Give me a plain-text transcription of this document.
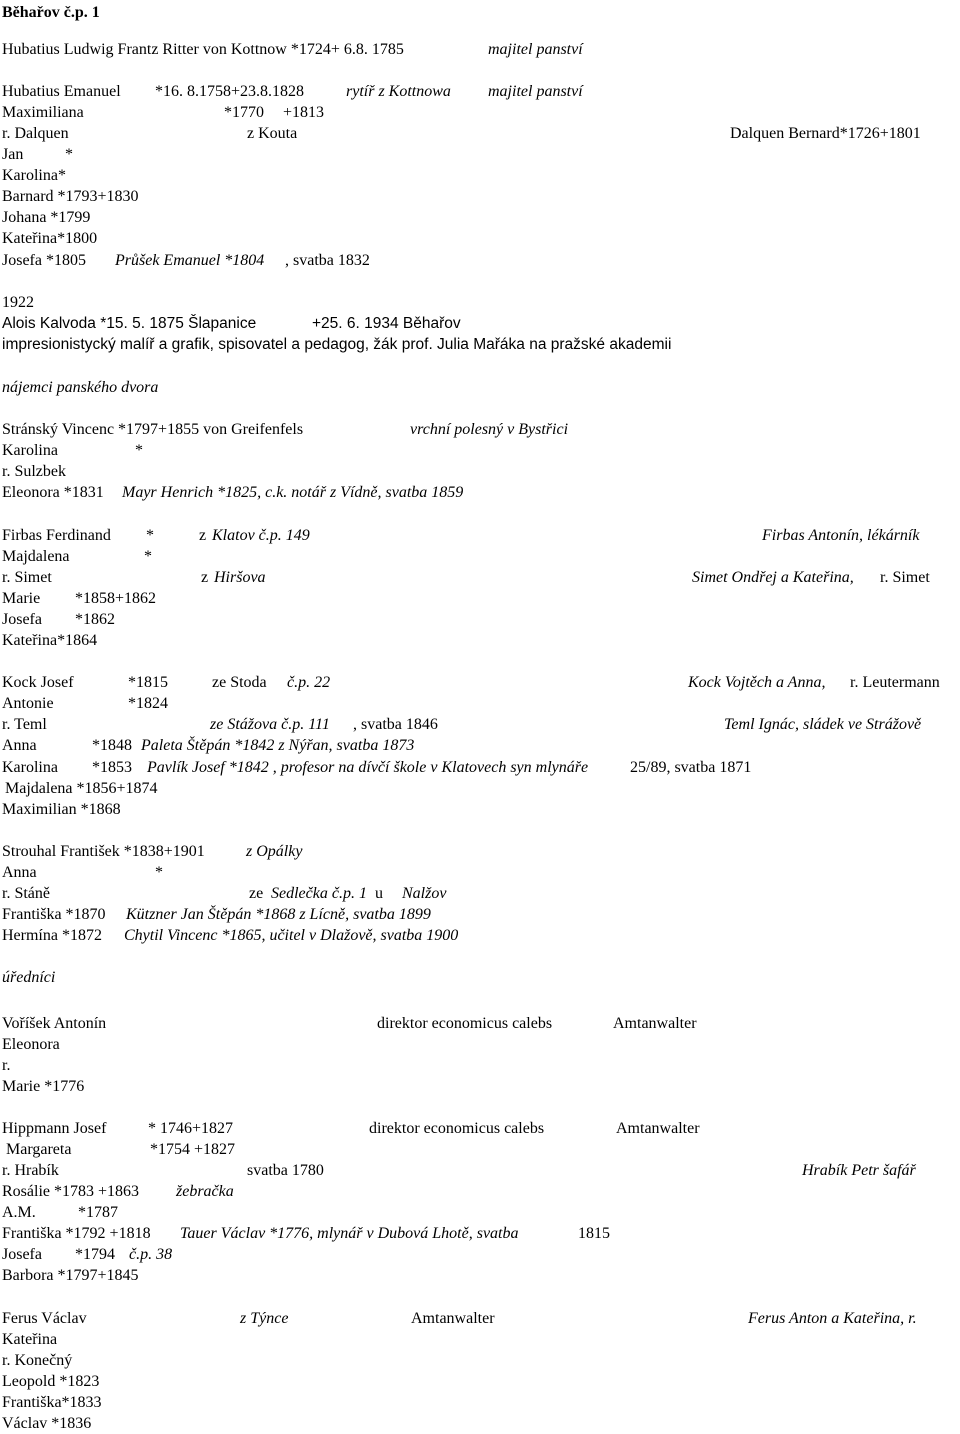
Běhařov č.p. 1
Hubatius Ludwig Frantz Ritter von Kottnow *1724+ 6.8. 1785	majitel panství
Hubatius Emanuel *16. 8.1758+23.8.1828	rytíř z Kottnowa majitel panství
Maximiliana	*1770 +1813
r. Dalquen	z Kouta	Dalquen Bernard*1726+1801
Jan	*
Karolina*
Barnard *1793+1830
Johana *1799
Kateřina*1800
Josefa *1805 Průšek Emanuel *1804 , svatba 1832
1922
Alois Kalvoda *15. 5. 1875 Šlapanice	+25. 6. 1934 Běhařov
impresionistycký malíř a grafik, spisovatel a pedagog, žák prof. Julia Mařáka na pražské akademii
nájemci panského dvora
Stránský Vincenc *1797+1855 von Greifenfels	vrchní polesný v Bystřici
Karolina	*
r. Sulzbek
Eleonora *1831 Mayr Henrich *1825, c.k. notář z Vídně, svatba 1859
Firbas Ferdinand *	z Klatov č.p. 149	Firbas Antonín, lékárník
Majdalena	*
r. Simet	z Hiršova	Simet Ondřej a Kateřina, r. Simet
Marie *1858+1862
Josefa *1862
Kateřina*1864
Kock Josef	*1815	ze Stoda č.p. 22	Kock Vojtěch a Anna, r. Leutermann
Antonie	*1824
r. Teml	ze Stážova č.p. 111 , svatba 1846	Teml Ignác, sládek ve Strážově
Anna	*1848 Paleta Štěpán *1842 z Nýřan, svatba 1873
Karolina *1853 Pavlík Josef *1842 , profesor na dívčí škole v Klatovech syn mlynáře	25/89, svatba 1871
Majdalena *1856+1874
Maximilian *1868
Strouhal František *1838+1901	z Opálky
Anna	*
r. Stáně	ze Sedlečka č.p. 1 u Nalžov
Františka *1870 Kützner Jan Štěpán *1868 z Lícně, svatba 1899
Hermína *1872 Chytil Vincenc *1865, učitel v Dlažově, svatba 1900
úředníci
Voříšek Antonín	direktor economicus calebs	Amtanwalter
Eleonora
r.
Marie *1776
Hippmann Josef	* 1746+1827	direktor economicus calebs	Amtanwalter
Margareta	*1754 +1827
r. Hrabík	svatba 1780	Hrabík Petr šafář
Rosálie *1783 +1863 žebračka
A.M.	*1787
Františka *1792 +1818 Tauer Václav *1776, mlynář v Dubová Lhotě, svatba	1815
Josefa *1794 č.p. 38
Barbora *1797+1845
Ferus Václav	z Týnce	Amtanwalter	Ferus Anton a Kateřina, r.
Kateřina
r. Konečný
Leopold *1823
Františka*1833
Václav *1836
